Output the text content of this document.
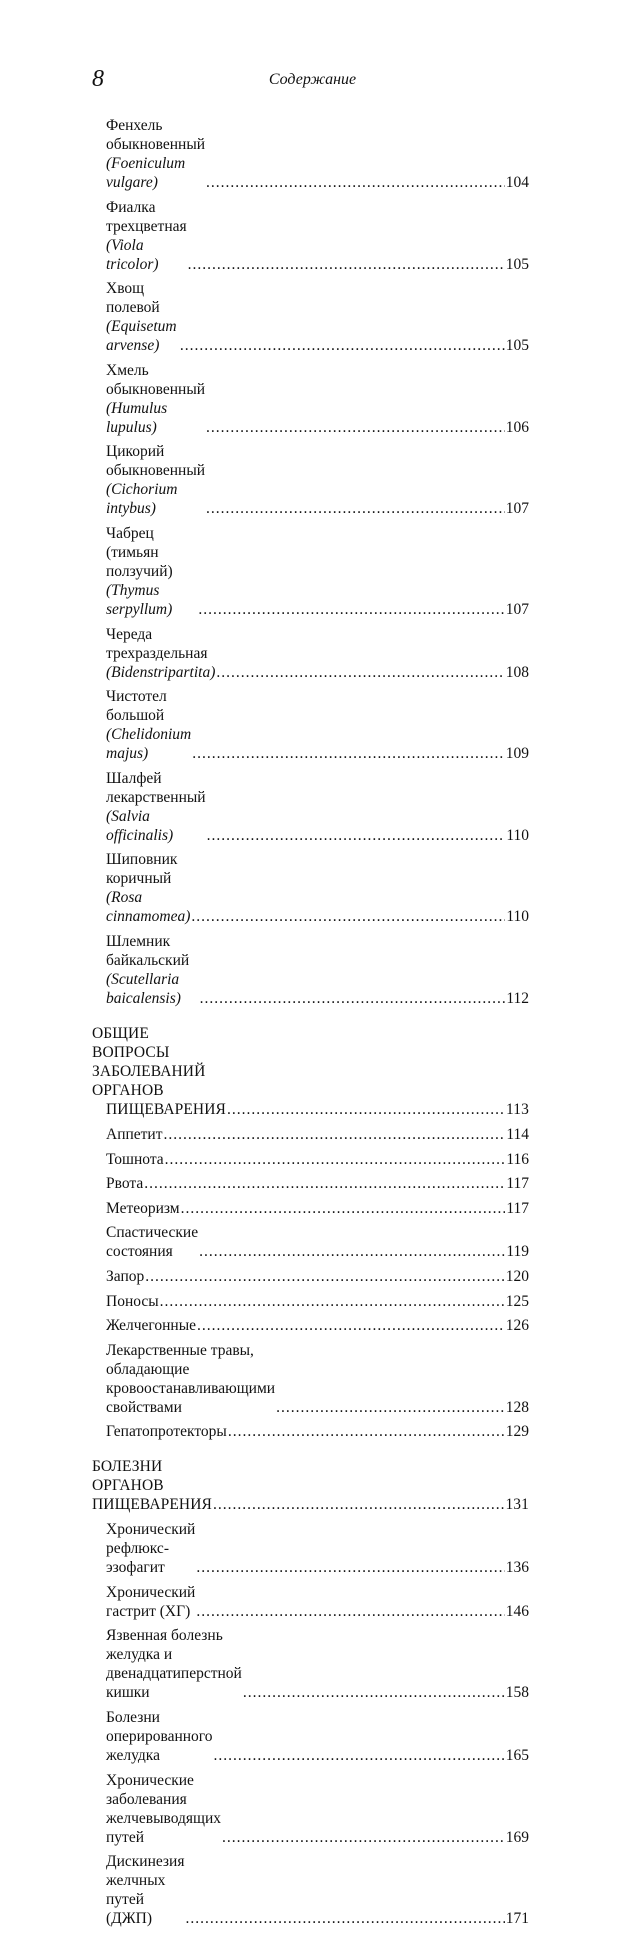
8	Содержание
Фенхель обыкновенный (Foeniculum vulgare) .....	104
Фиалка трехцветная (Viola tricolor) .....	105
Хвощ полевой (Equisetum arvense) .....	105
Хмель обыкновенный (Humulus lupulus) .....	106
Цикорий обыкновенный (Cichorium intybus) .....	107
Чабрец (тимьян ползучий) (Thymus serpyllum) .....	107
Череда трехраздельная (Bidenstripartita) .....	108
Чистотел большой (Chelidonium majus) .....	109
Шалфей лекарственный (Salvia officinalis) .....	110
Шиповник коричный (Rosa cinnamomea) .....	110
Шлемник байкальский (Scutellaria baicalensis) .....	112
ОБЩИЕ ВОПРОСЫ ЗАБОЛЕВАНИЙ ОРГАНОВ
ПИЩЕВАРЕНИЯ .....	113
Аппетит .....	114
Тошнота .....	116
Рвота .....	117
Метеоризм .....	117
Спастические состояния .....	119
Запор .....	120
Поносы .....	125
Желчегонные .....	126
Лекарственные травы, обладающие
кровоостанавливающими свойствами .....	128
Гепатопротекторы .....	129
БОЛЕЗНИ ОРГАНОВ ПИЩЕВАРЕНИЯ .....	131
Хронический рефлюкс-эзофагит .....	136
Хронический гастрит (ХГ) .....	146
Язвенная болезнь желудка и двенадцатиперстной кишки .....	158
Болезни оперированного желудка .....	165
Хронические заболевания желчевыводящих путей .....	169
Дискинезия желчных путей (ДЖП) .....	171
